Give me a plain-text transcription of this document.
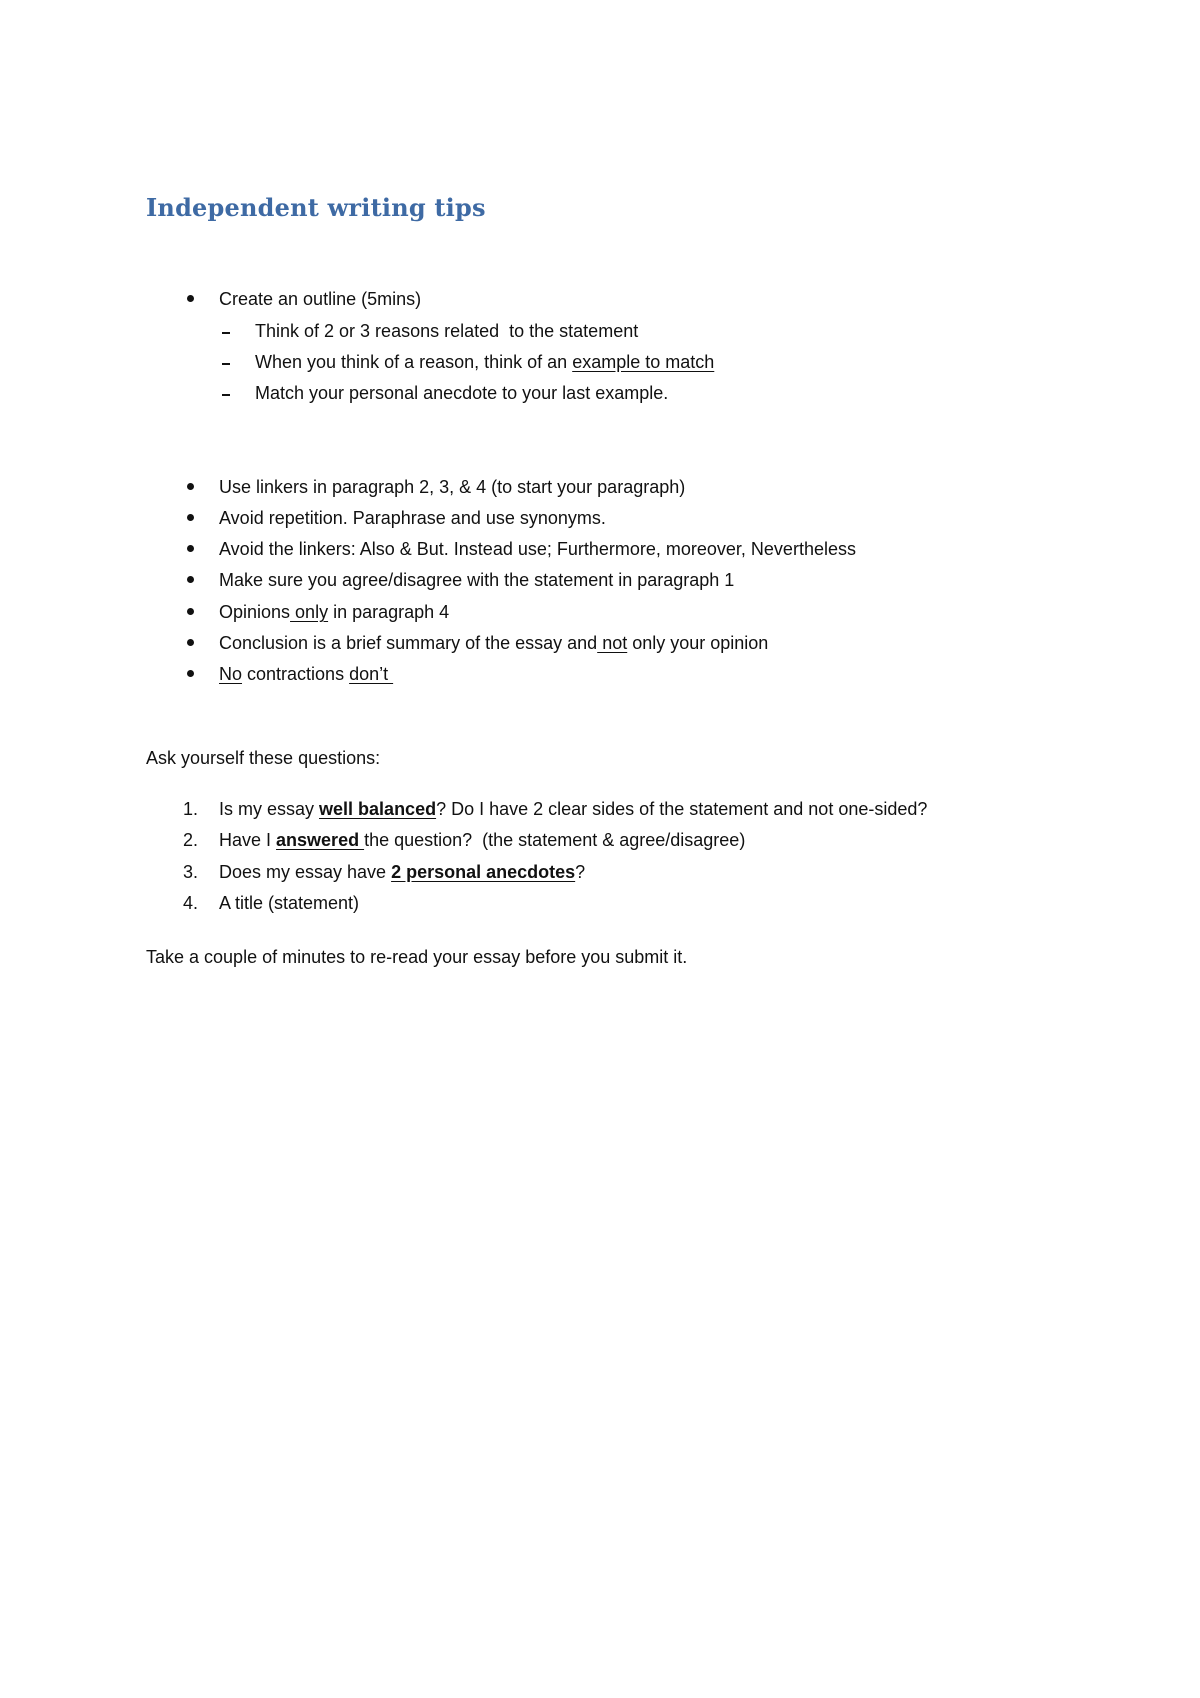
Independent writing tips
Create an outline (5mins)
Think of 2 or 3 reasons related  to the statement
When you think of a reason, think of an example to match
Match your personal anecdote to your last example.
Use linkers in paragraph 2, 3, & 4 (to start your paragraph)
Avoid repetition. Paraphrase and use synonyms.
Avoid the linkers: Also & But. Instead use; Furthermore, moreover, Nevertheless
Make sure you agree/disagree with the statement in paragraph 1
Opinions only in paragraph 4
Conclusion is a brief summary of the essay and not only your opinion
No contractions don’t
Ask yourself these questions:
1. Is my essay well balanced? Do I have 2 clear sides of the statement and not one-sided?
2. Have I answered the question?  (the statement & agree/disagree)
3. Does my essay have 2 personal anecdotes?
4. A title (statement)
Take a couple of minutes to re-read your essay before you submit it.
